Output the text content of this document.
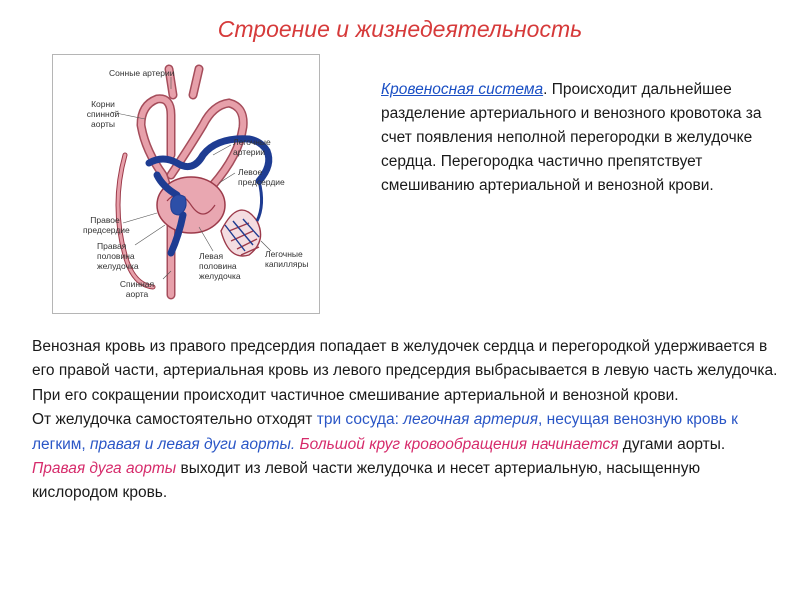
Строение и жизнедеятельность
Сонные артерии
Корни
спинной
аорты
Легочные
артерии
Левое
предсердие
Правое
предсердие
Правая
половина
желудочка
Левая
половина
желудочка
Спинная
аорта
Легочные
капилляры
Кровеносная система. Происходит дальнейшее разделение артериального и венозного кровотока за счет появления неполной перегородки в желудочке сердца. Перегородка частично препятствует смешиванию артериальной и венозной крови.
Венозная кровь из правого предсердия попадает в желудочек сердца и перегородкой удерживается в его правой части, артериальная кровь из левого предсердия выбрасывается в левую часть желудочка. При его сокращении происходит частичное смешивание артериальной и венозной крови.
От желудочка самостоятельно отходят три сосуда: легочная артерия, несущая венозную кровь к легким, правая и левая дуги аорты. Большой круг кровообращения начинается дугами аорты. Правая дуга аорты выходит из левой части желудочка и несет артериальную, насыщенную кислородом кровь.
